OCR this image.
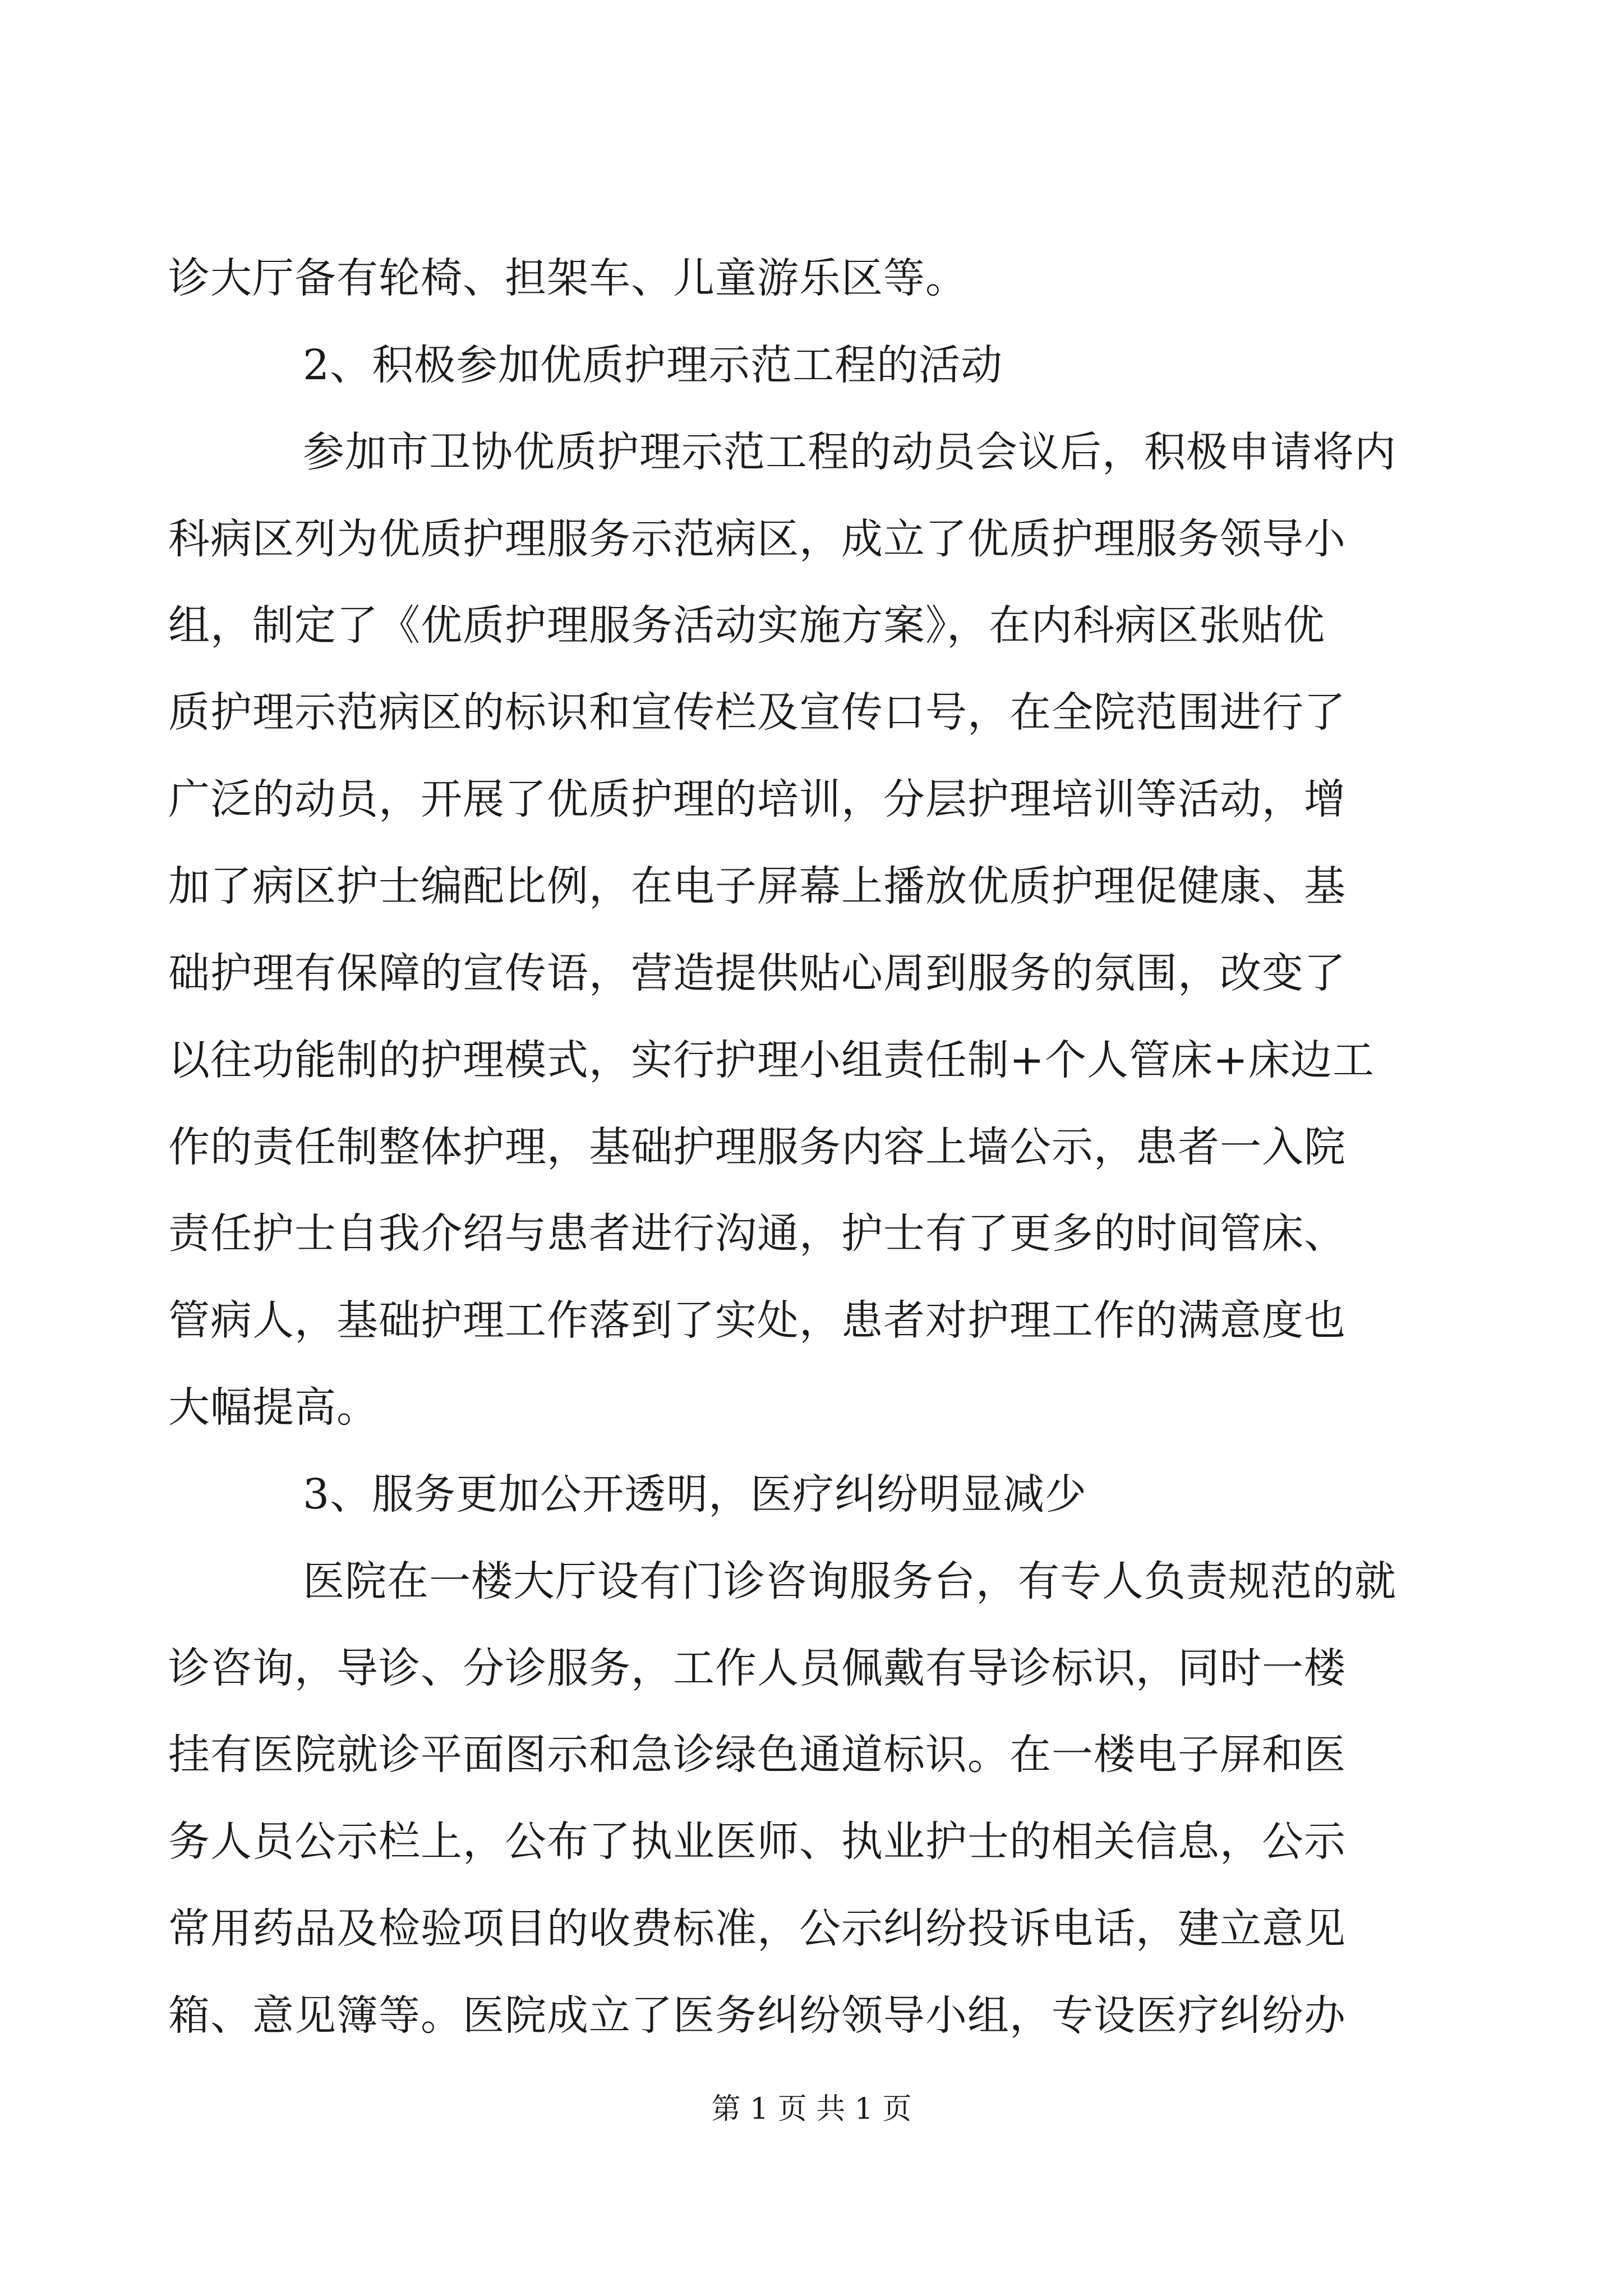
诊大厅备有轮椅、担架车、儿童游乐区等。
2、积极参加优质护理示范工程的活动
参加市卫协优质护理示范工程的动员会议后，积极申请将内
科病区列为优质护理服务示范病区，成立了优质护理服务领导小
组，制定了《优质护理服务活动实施方案》，在内科病区张贴优
质护理示范病区的标识和宣传栏及宣传口号，在全院范围进行了
广泛的动员，开展了优质护理的培训，分层护理培训等活动，增
加了病区护士编配比例，在电子屏幕上播放优质护理促健康、基
础护理有保障的宣传语，营造提供贴心周到服务的氛围，改变了
以往功能制的护理模式，实行护理小组责任制+个人管床+床边工
作的责任制整体护理，基础护理服务内容上墙公示，患者一入院
责任护士自我介绍与患者进行沟通，护士有了更多的时间管床、
管病人，基础护理工作落到了实处，患者对护理工作的满意度也
大幅提高。
3、服务更加公开透明，医疗纠纷明显减少
医院在一楼大厅设有门诊咨询服务台，有专人负责规范的就
诊咨询，导诊、分诊服务，工作人员佩戴有导诊标识，同时一楼
挂有医院就诊平面图示和急诊绿色通道标识。在一楼电子屏和医
务人员公示栏上，公布了执业医师、执业护士的相关信息，公示
常用药品及检验项目的收费标准，公示纠纷投诉电话，建立意见
箱、意见簿等。医院成立了医务纠纷领导小组，专设医疗纠纷办
第 1 页 共 1 页
